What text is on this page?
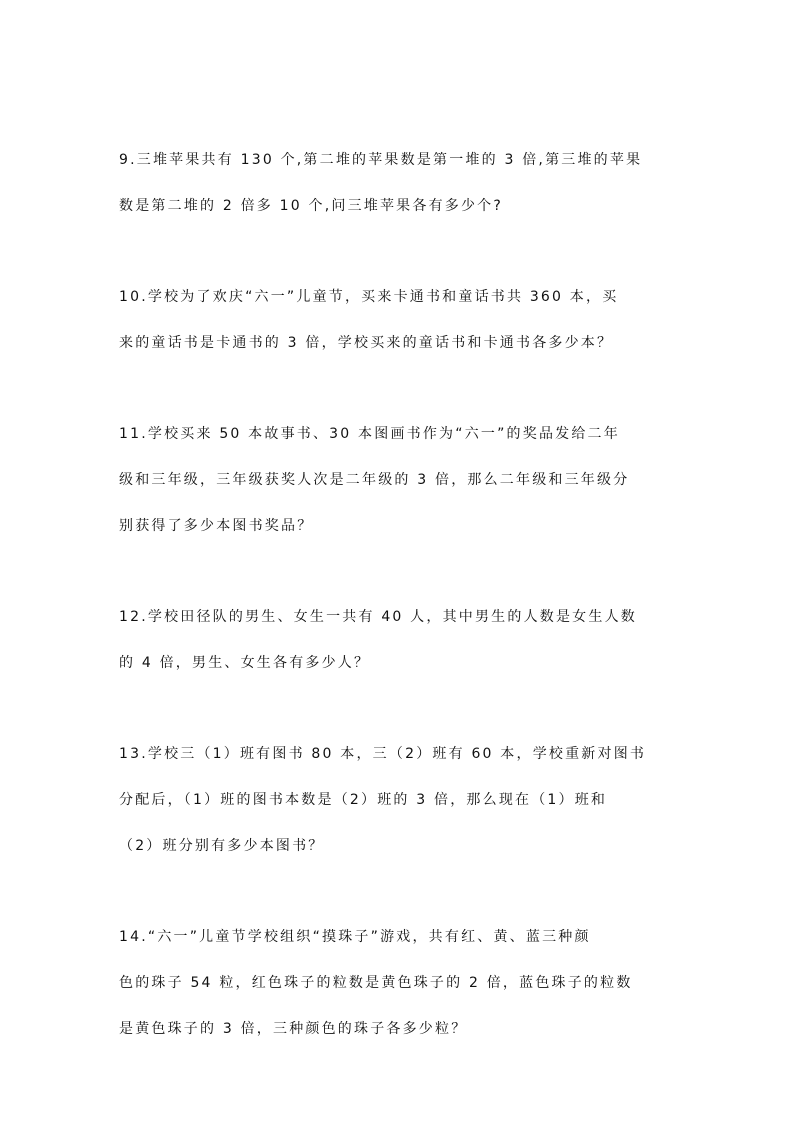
9.三堆苹果共有 130 个,第二堆的苹果数是第一堆的 3 倍,第三堆的苹果
数是第二堆的 2 倍多 10 个,问三堆苹果各有多少个?
10.学校为了欢庆“六一”儿童节，买来卡通书和童话书共 360 本，买
来的童话书是卡通书的 3 倍，学校买来的童话书和卡通书各多少本？
11.学校买来 50 本故事书、30 本图画书作为“六一”的奖品发给二年
级和三年级，三年级获奖人次是二年级的 3 倍，那么二年级和三年级分
别获得了多少本图书奖品？
12.学校田径队的男生、女生一共有 40 人，其中男生的人数是女生人数
的 4 倍，男生、女生各有多少人？
13.学校三（1）班有图书 80 本，三（2）班有 60 本，学校重新对图书
分配后，（1）班的图书本数是（2）班的 3 倍，那么现在（1）班和
（2）班分别有多少本图书？
14.“六一”儿童节学校组织“摸珠子”游戏，共有红、黄、蓝三种颜
色的珠子 54 粒，红色珠子的粒数是黄色珠子的 2 倍，蓝色珠子的粒数
是黄色珠子的 3 倍，三种颜色的珠子各多少粒？
